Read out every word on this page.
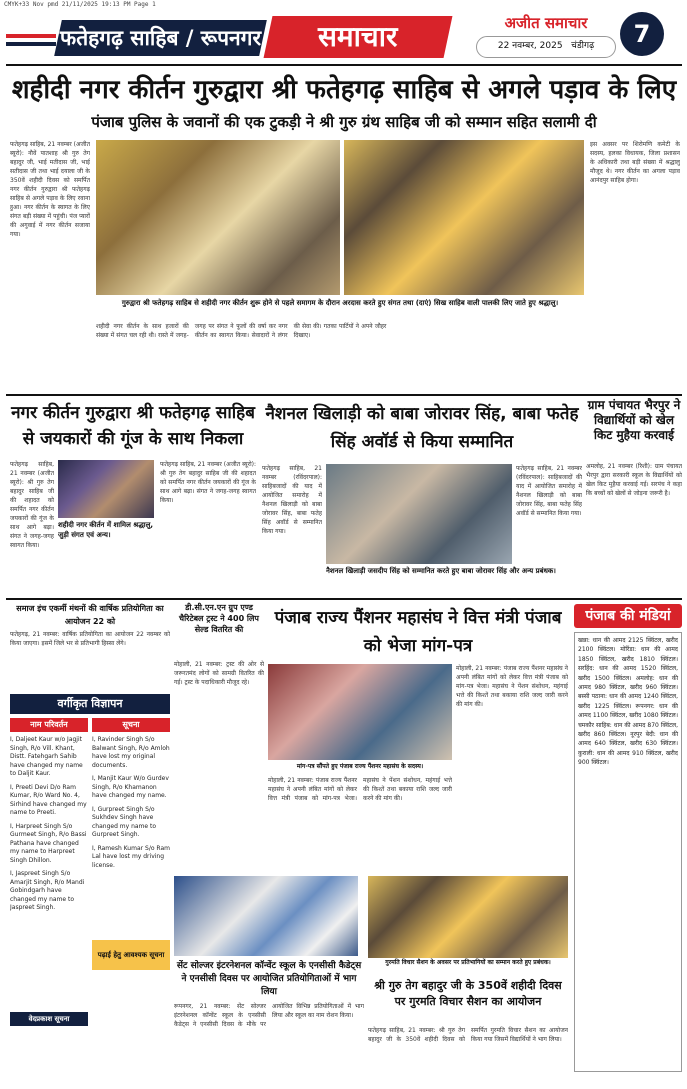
CMYK+33 Nov pmd 21/11/2025 19:13 PM Page 1
फतेहगढ़ साहिब / रूपनगर	समाचार	अजीत समाचार
22 नवम्बर, 2025 चंडीगढ़	7
शहीदी नगर कीर्तन गुरुद्वारा श्री फतेहगढ़ साहिब से अगले पड़ाव के लिए
पंजाब पुलिस के जवानों की एक टुकड़ी ने श्री गुरु ग्रंथ साहिब जी को सम्मान सहित सलामी दी
फतेहगढ़ साहिब, 21 नवम्बर (अजीत ब्यूरो): नौवें पातशाह श्री गुरु तेग बहादुर जी, भाई मतीदास जी, भाई सतीदास जी तथा भाई दयाला जी के 350वें शहीदी दिवस को समर्पित नगर कीर्तन गुरुद्वारा श्री फतेहगढ़ साहिब से अगले पड़ाव के लिए रवाना हुआ। नगर कीर्तन के स्वागत के लिए संगत बड़ी संख्या में पहुंची। पंज प्यारों की अगुवाई में नगर कीर्तन सजाया गया।
इस अवसर पर शिरोमणि कमेटी के सदस्य, हलका विधायक, जिला प्रशासन के अधिकारी तथा बड़ी संख्या में श्रद्धालु मौजूद थे। नगर कीर्तन का अगला पड़ाव आनंदपुर साहिब होगा।
गुरुद्वारा श्री फतेहगढ़ साहिब से शहीदी नगर कीर्तन शुरू होने से पहले समागम के दौरान अरदास करते हुए संगत तथा (दाएं) सिख साहिब वाली पालकी लिए जाते हुए श्रद्धालु।
शहीदी नगर कीर्तन के साथ हजारों की संख्या में संगत चल रही थी। रास्ते में जगह-जगह पर संगत ने फूलों की वर्षा कर नगर कीर्तन का स्वागत किया। सेवादारों ने लंगर की सेवा की। गतका पार्टियों ने अपने जौहर दिखाए।
ग्राम पंचायत भैरपुर ने विद्यार्थियों को खेल किट मुहैया करवाई
अमलोह, 21 नवम्बर (रिशी): ग्राम पंचायत भैरपुर द्वारा सरकारी स्कूल के विद्यार्थियों को खेल किट मुहैया करवाई गई। सरपंच ने कहा कि बच्चों को खेलों से जोड़ना जरूरी है।
नगर कीर्तन गुरुद्वारा श्री फतेहगढ़ साहिब से जयकारों की गूंज के साथ निकला
फतेहगढ़ साहिब, 21 नवम्बर (अजीत ब्यूरो): श्री गुरु तेग बहादुर साहिब जी की शहादत को समर्पित नगर कीर्तन जयकारों की गूंज के साथ आगे बढ़ा। संगत ने जगह-जगह स्वागत किया।
शहीदी नगर कीर्तन में शामिल श्रद्धालु, जुड़ी संगत एवं अन्य।
फतेहगढ़ साहिब, 21 नवम्बर (अजीत ब्यूरो): श्री गुरु तेग बहादुर साहिब जी की शहादत को समर्पित नगर कीर्तन जयकारों की गूंज के साथ आगे बढ़ा। संगत ने जगह-जगह स्वागत किया।
नैशनल खिलाड़ी को बाबा जोरावर सिंह, बाबा फतेह सिंह अवॉर्ड से किया सम्मानित
फतेहगढ़ साहिब, 21 नवम्बर (रविंदरपाल): साहिबजादों की याद में आयोजित समारोह में नैशनल खिलाड़ी को बाबा जोरावर सिंह, बाबा फतेह सिंह अवॉर्ड से सम्मानित किया गया।
नैशनल खिलाड़ी जसदीप सिंह को सम्मानित करते हुए बाबा जोरावर सिंह और अन्य प्रबंधक।
फतेहगढ़ साहिब, 21 नवम्बर (रविंदरपाल): साहिबजादों की याद में आयोजित समारोह में नैशनल खिलाड़ी को बाबा जोरावर सिंह, बाबा फतेह सिंह अवॉर्ड से सम्मानित किया गया।
समाज इंच एकर्मी मंथनों की वार्षिक प्रतियोगिता का आयोजन 22 को
फतेहगढ़, 21 नवम्बर: वार्षिक प्रतियोगिता का आयोजन 22 नवम्बर को किया जाएगा। इसमें जिले भर से प्रतिभागी हिस्सा लेंगे।
डी.सी.एन.एन ग्रुप एण्ड चैरिटेबल ट्रस्ट ने 400 लिप सेल्ड वितरित की
मोहाली, 21 नवम्बर: ट्रस्ट की ओर से जरूरतमंद लोगों को सामग्री वितरित की गई। ट्रस्ट के पदाधिकारी मौजूद रहे।
पंजाब राज्य पैंशनर महासंघ ने वित्त मंत्री पंजाब को भेजा मांग-पत्र
मांग-पत्र सौंपते हुए पंजाब राज्य पैंशनर महासंघ के सदस्य।
मोहाली, 21 नवम्बर: पंजाब राज्य पैंशनर महासंघ ने अपनी लंबित मांगों को लेकर वित्त मंत्री पंजाब को मांग-पत्र भेजा। महासंघ ने पेंशन संशोधन, महंगाई भत्ते की किश्तें तथा बकाया राशि जल्द जारी करने की मांग की।
मोहाली, 21 नवम्बर: पंजाब राज्य पैंशनर महासंघ ने अपनी लंबित मांगों को लेकर वित्त मंत्री पंजाब को मांग-पत्र भेजा। महासंघ ने पेंशन संशोधन, महंगाई भत्ते की किश्तें तथा बकाया राशि जल्द जारी करने की मांग की।
पंजाब की मंडियां
खन्ना: धान की आमद 2125 क्विंटल, खरीद 2100 क्विंटल। मोरिंडा: धान की आमद 1850 क्विंटल, खरीद 1810 क्विंटल। सरहिंद: धान की आमद 1520 क्विंटल, खरीद 1500 क्विंटल। अमलोह: धान की आमद 980 क्विंटल, खरीद 960 क्विंटल। बस्सी पठाना: धान की आमद 1240 क्विंटल, खरीद 1225 क्विंटल। रूपनगर: धान की आमद 1100 क्विंटल, खरीद 1080 क्विंटल। चमकौर साहिब: धान की आमद 870 क्विंटल, खरीद 860 क्विंटल। नूरपुर बेदी: धान की आमद 640 क्विंटल, खरीद 630 क्विंटल। कुराली: धान की आमद 910 क्विंटल, खरीद 900 क्विंटल।
वर्गीकृत विज्ञापन
नाम परिवर्तन	सूचना
I, Daljeet Kaur w/o Jagjit Singh, R/o Vill. Khant, Distt. Fatehgarh Sahib have changed my name to Daljit Kaur.
I, Preeti Devi D/o Ram Kumar, R/o Ward No. 4, Sirhind have changed my name to Preeti.
I, Harpreet Singh S/o Gurmeet Singh, R/o Bassi Pathana have changed my name to Harpreet Singh Dhillon.
I, Jaspreet Singh S/o Amarjit Singh, R/o Mandi Gobindgarh have changed my name to Jaspreet Singh.
I, Ravinder Singh S/o Balwant Singh, R/o Amloh have lost my original documents.
I, Manjit Kaur W/o Gurdev Singh, R/o Khamanon have changed my name.
I, Gurpreet Singh S/o Sukhdev Singh have changed my name to Gurpreet Singh.
I, Ramesh Kumar S/o Ram Lal have lost my driving license.
वेदप्रकाश सूचना
पढ़ाई हेतु आवश्यक सूचना
सेंट सोल्जर इंटरनेशनल कॉन्वेंट स्कूल के एनसीसी कैडेट्स ने एनसीसी दिवस पर आयोजित प्रतियोगिताओं में भाग लिया
रूपनगर, 21 नवम्बर: सेंट सोल्जर इंटरनेशनल कॉन्वेंट स्कूल के एनसीसी कैडेट्स ने एनसीसी दिवस के मौके पर आयोजित विभिन्न प्रतियोगिताओं में भाग लिया और स्कूल का नाम रोशन किया।
गुरमति विचार सैशन के अवसर पर प्रतिभागियों का सम्मान करते हुए प्रबंधक।
श्री गुरु तेग बहादुर जी के 350वें शहीदी दिवस पर गुरमति विचार सैशन का आयोजन
फतेहगढ़ साहिब, 21 नवम्बर: श्री गुरु तेग बहादुर जी के 350वें शहीदी दिवस को समर्पित गुरमति विचार सैशन का आयोजन किया गया जिसमें विद्यार्थियों ने भाग लिया।
